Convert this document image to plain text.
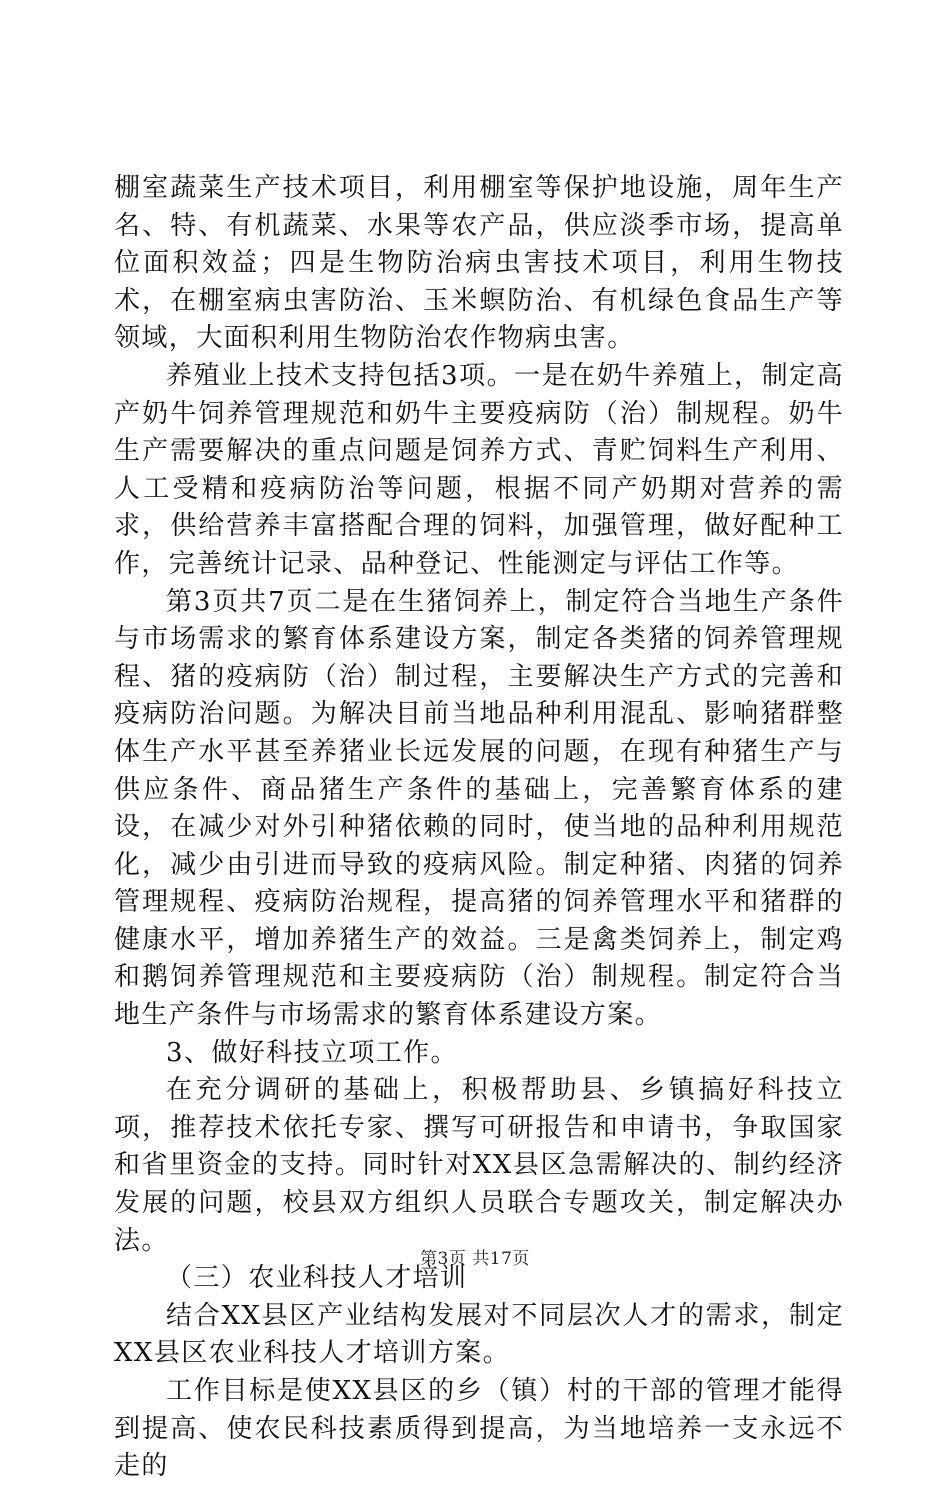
棚室蔬菜生产技术项目，利用棚室等保护地设施，周年生产名、特、有机蔬菜、水果等农产品，供应淡季市场，提高单位面积效益；四是生物防治病虫害技术项目，利用生物技术，在棚室病虫害防治、玉米螟防治、有机绿色食品生产等领域，大面积利用生物防治农作物病虫害。

养殖业上技术支持包括3项。一是在奶牛养殖上，制定高产奶牛饲养管理规范和奶牛主要疫病防（治）制规程。奶牛生产需要解决的重点问题是饲养方式、青贮饲料生产利用、人工受精和疫病防治等问题，根据不同产奶期对营养的需求，供给营养丰富搭配合理的饲料，加强管理，做好配种工作，完善统计记录、品种登记、性能测定与评估工作等。

第3页共7页二是在生猪饲养上，制定符合当地生产条件与市场需求的繁育体系建设方案，制定各类猪的饲养管理规程、猪的疫病防（治）制过程，主要解决生产方式的完善和疫病防治问题。为解决目前当地品种利用混乱、影响猪群整体生产水平甚至养猪业长远发展的问题，在现有种猪生产与供应条件、商品猪生产条件的基础上，完善繁育体系的建设，在减少对外引种猪依赖的同时，使当地的品种利用规范化，减少由引进而导致的疫病风险。制定种猪、肉猪的饲养管理规程、疫病防治规程，提高猪的饲养管理水平和猪群的健康水平，增加养猪生产的效益。三是禽类饲养上，制定鸡和鹅饲养管理规范和主要疫病防（治）制规程。制定符合当地生产条件与市场需求的繁育体系建设方案。

3、做好科技立项工作。

在充分调研的基础上，积极帮助县、乡镇搞好科技立项，推荐技术依托专家、撰写可研报告和申请书，争取国家和省里资金的支持。同时针对XX县区急需解决的、制约经济发展的问题，校县双方组织人员联合专题攻关，制定解决办法。

（三）农业科技人才培训

结合XX县区产业结构发展对不同层次人才的需求，制定XX县区农业科技人才培训方案。

工作目标是使XX县区的乡（镇）村的干部的管理才能得到提高、使农民科技素质得到提高，为当地培养一支永远不走的

第3页 共17页
